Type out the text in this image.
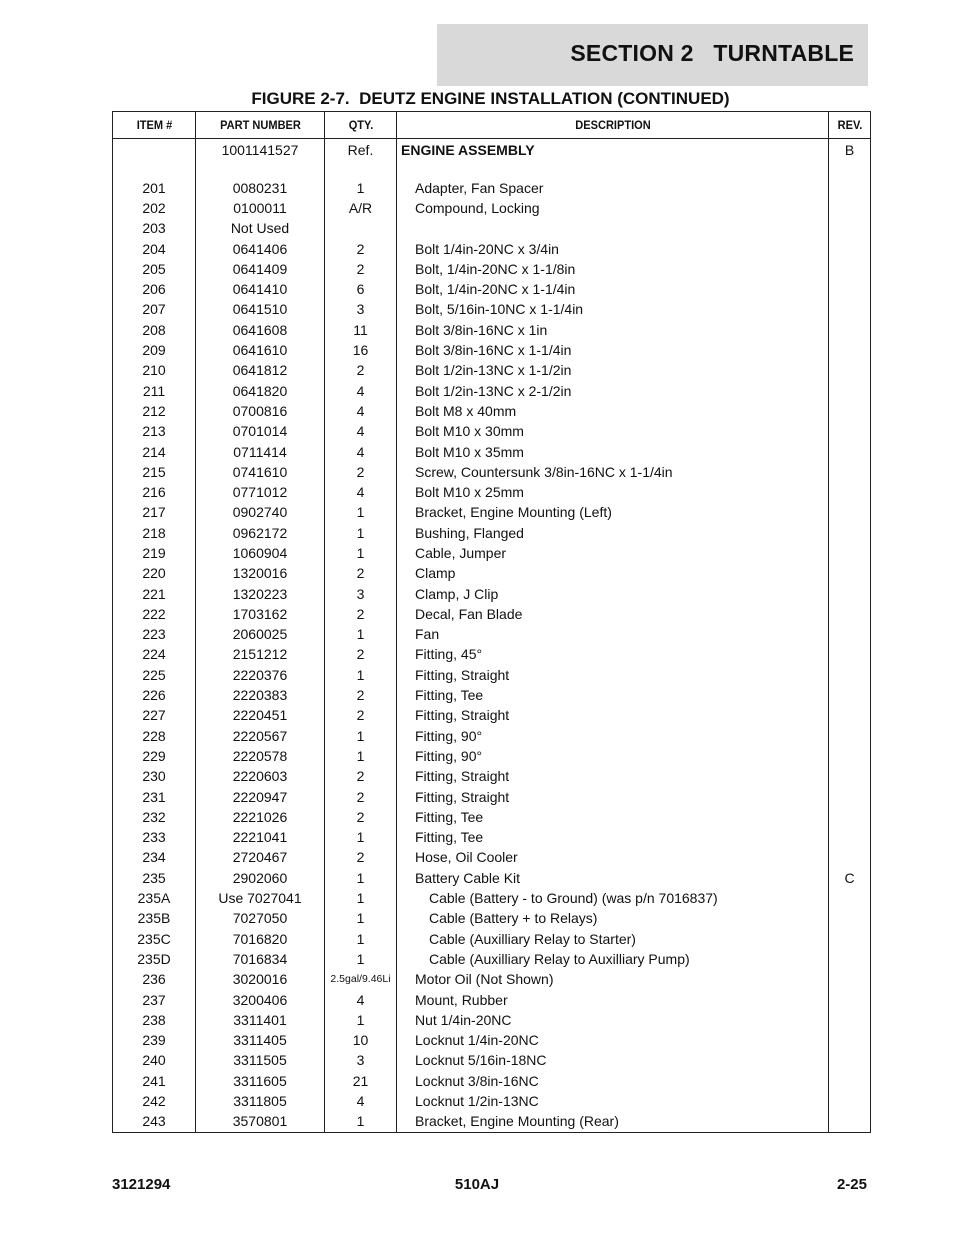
SECTION 2   TURNTABLE
FIGURE 2-7.  DEUTZ ENGINE INSTALLATION (CONTINUED)
ITEM #	PART NUMBER	QTY.	DESCRIPTION	REV.
	1001141527	Ref.	ENGINE ASSEMBLY	B

201	0080231	1	Adapter, Fan Spacer	
202	0100011	A/R	Compound, Locking	
203	Not Used			
204	0641406	2	Bolt 1/4in-20NC x 3/4in	
205	0641409	2	Bolt, 1/4in-20NC x 1-1/8in	
206	0641410	6	Bolt, 1/4in-20NC x 1-1/4in	
207	0641510	3	Bolt, 5/16in-10NC x 1-1/4in	
208	0641608	11	Bolt 3/8in-16NC x 1in	
209	0641610	16	Bolt 3/8in-16NC x 1-1/4in	
210	0641812	2	Bolt 1/2in-13NC x 1-1/2in	
211	0641820	4	Bolt 1/2in-13NC x 2-1/2in	
212	0700816	4	Bolt M8 x 40mm	
213	0701014	4	Bolt M10 x 30mm	
214	0711414	4	Bolt M10 x 35mm	
215	0741610	2	Screw, Countersunk 3/8in-16NC x 1-1/4in	
216	0771012	4	Bolt M10 x 25mm	
217	0902740	1	Bracket, Engine Mounting (Left)	
218	0962172	1	Bushing, Flanged	
219	1060904	1	Cable, Jumper	
220	1320016	2	Clamp	
221	1320223	3	Clamp, J Clip	
222	1703162	2	Decal, Fan Blade	
223	2060025	1	Fan	
224	2151212	2	Fitting, 45°	
225	2220376	1	Fitting, Straight	
226	2220383	2	Fitting, Tee	
227	2220451	2	Fitting, Straight	
228	2220567	1	Fitting, 90°	
229	2220578	1	Fitting, 90°	
230	2220603	2	Fitting, Straight	
231	2220947	2	Fitting, Straight	
232	2221026	2	Fitting, Tee	
233	2221041	1	Fitting, Tee	
234	2720467	2	Hose, Oil Cooler	
235	2902060	1	Battery Cable Kit	C
235A	Use 7027041	1	Cable (Battery - to Ground) (was p/n 7016837)	
235B	7027050	1	Cable (Battery + to Relays)	
235C	7016820	1	Cable (Auxilliary Relay to Starter)	
235D	7016834	1	Cable (Auxilliary Relay to Auxilliary Pump)	
236	3020016	2.5gal/9.46Li	Motor Oil (Not Shown)	
237	3200406	4	Mount, Rubber	
238	3311401	1	Nut 1/4in-20NC	
239	3311405	10	Locknut 1/4in-20NC	
240	3311505	3	Locknut 5/16in-18NC	
241	3311605	21	Locknut 3/8in-16NC	
242	3311805	4	Locknut 1/2in-13NC	
243	3570801	1	Bracket, Engine Mounting (Rear)	
3121294	510AJ	2-25
